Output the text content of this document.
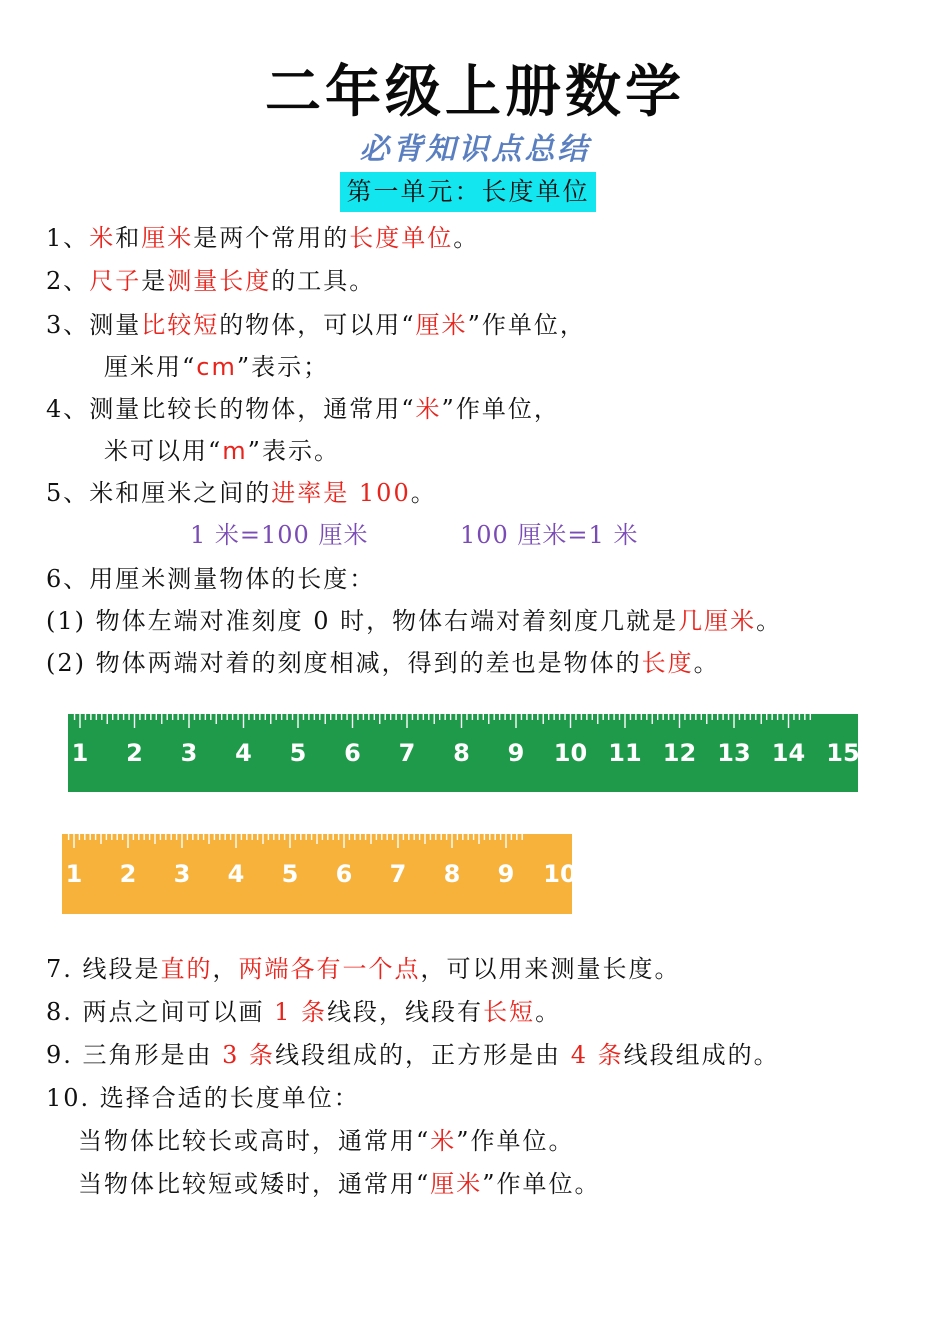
二年级上册数学
必背知识点总结
第一单元：长度单位
1、米和厘米是两个常用的长度单位。
2、尺子是测量长度的工具。
3、测量比较短的物体，可以用“厘米”作单位，
厘米用“cm”表示；
4、测量比较长的物体，通常用“米”作单位，
米可以用“m”表示。
5、米和厘米之间的进率是 100。
1 米=100 厘米	100 厘米=1 米
6、用厘米测量物体的长度：
(1) 物体左端对准刻度 0 时，物体右端对着刻度几就是几厘米。
(2) 物体两端对着的刻度相减，得到的差也是物体的长度。
1 2 3 4 5 6 7 8 9 10 11 12 13 14 15
1 2 3 4 5 6 7 8 9 10
7. 线段是直的，两端各有一个点，可以用来测量长度。
8. 两点之间可以画 1 条线段，线段有长短。
9. 三角形是由 3 条线段组成的，正方形是由 4 条线段组成的。
10. 选择合适的长度单位：
当物体比较长或高时，通常用“米”作单位。
当物体比较短或矮时，通常用“厘米”作单位。
